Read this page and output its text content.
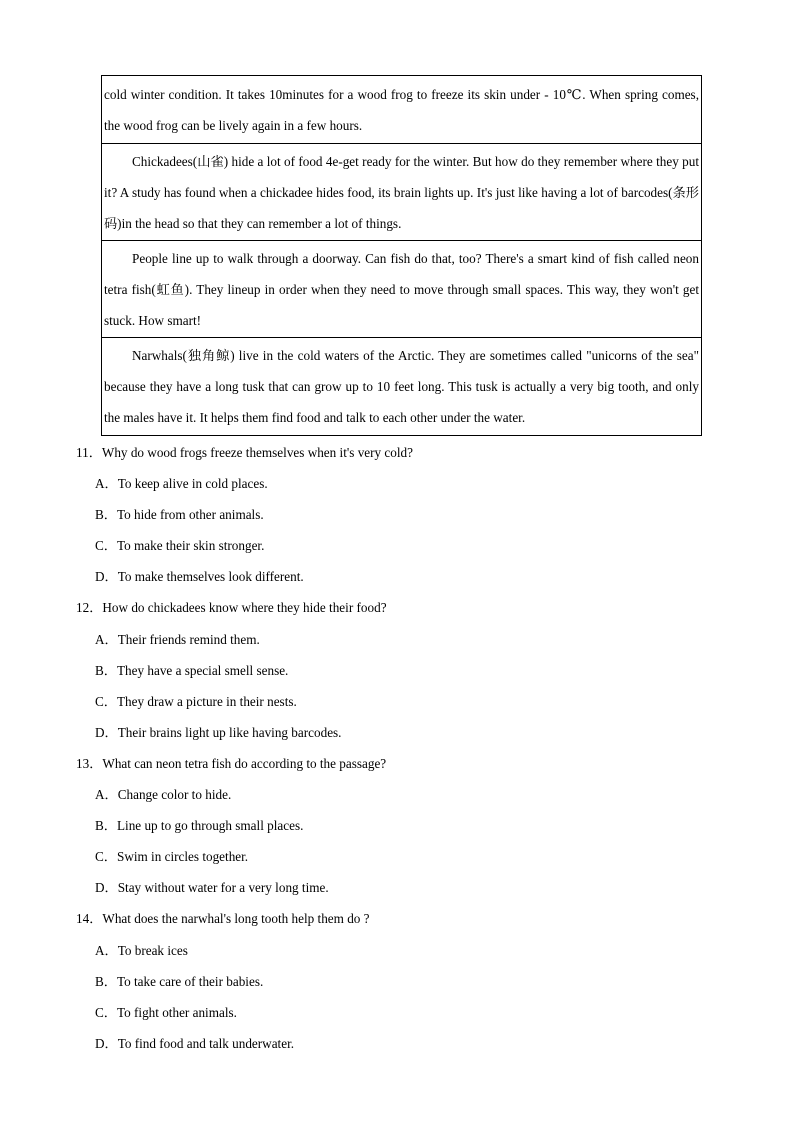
cold winter condition. It takes 10minutes for a wood frog to freeze its skin under - 10℃. When spring comes, the wood frog can be lively again in a few hours.

Chickadees(山雀) hide a lot of food 4e-get ready for the winter. But how do they remember where they put it? A study has found when a chickadee hides food, its brain lights up. It's just like having a lot of barcodes(条形码)in the head so that they can remember a lot of things.

People line up to walk through a doorway. Can fish do that, too? There's a smart kind of fish called neon tetra fish(虹鱼). They lineup in order when they need to move through small spaces. This way, they won't get stuck. How smart!

Narwhals(独角鲸) live in the cold waters of the Arctic. They are sometimes called "unicorns of the sea" because they have a long tusk that can grow up to 10 feet long. This tusk is actually a very big tooth, and only the males have it. It helps them find food and talk to each other under the water.

11．Why do wood frogs freeze themselves when it's very cold?

A．To keep alive in cold places.
B．To hide from other animals.
C．To make their skin stronger.
D．To make themselves look different.

12．How do chickadees know where they hide their food?

A．Their friends remind them.
B．They have a special smell sense.
C．They draw a picture in their nests.
D．Their brains light up like having barcodes.

13．What can neon tetra fish do according to the passage?

A．Change color to hide.
B．Line up to go through small places.
C．Swim in circles together.
D．Stay without water for a very long time.

14．What does the narwhal's long tooth help them do ?

A．To break ices
B．To take care of their babies.
C．To fight other animals.
D．To find food and talk underwater.
